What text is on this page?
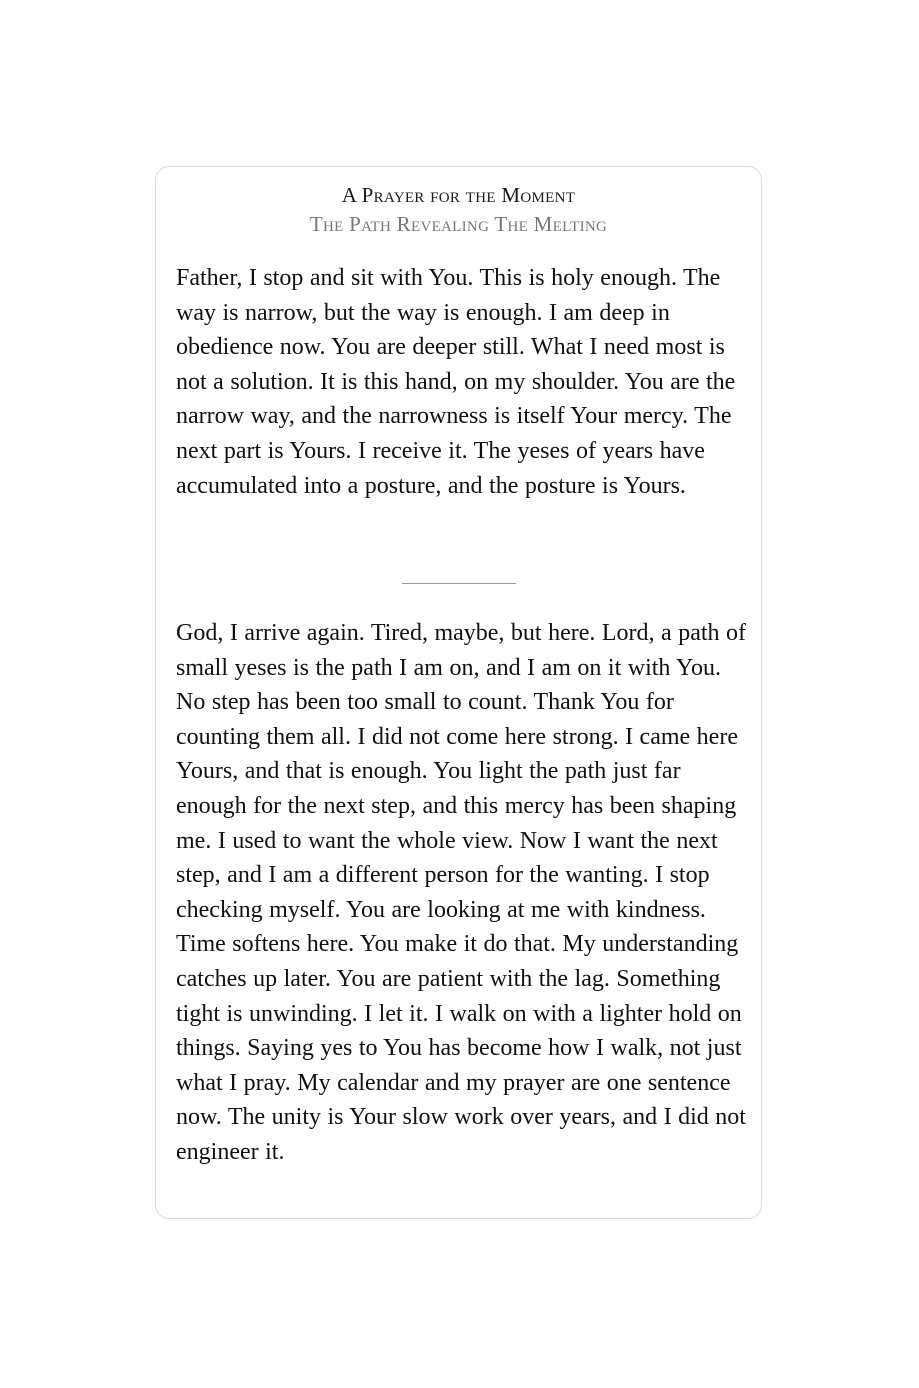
A Prayer for the Moment
The Path Revealing The Melting

Father, I stop and sit with You. This is holy enough. The way is narrow, but the way is enough. I am deep in obedience now. You are deeper still. What I need most is not a solution. It is this hand, on my shoulder. You are the narrow way, and the narrowness is itself Your mercy. The next part is Yours. I receive it. The yeses of years have accumulated into a posture, and the posture is Yours.

God, I arrive again. Tired, maybe, but here. Lord, a path of small yeses is the path I am on, and I am on it with You. No step has been too small to count. Thank You for counting them all. I did not come here strong. I came here Yours, and that is enough. You light the path just far enough for the next step, and this mercy has been shaping me. I used to want the whole view. Now I want the next step, and I am a different person for the wanting. I stop checking myself. You are looking at me with kindness. Time softens here. You make it do that. My understanding catches up later. You are patient with the lag. Something tight is unwinding. I let it. I walk on with a lighter hold on things. Saying yes to You has become how I walk, not just what I pray. My calendar and my prayer are one sentence now. The unity is Your slow work over years, and I did not engineer it.
